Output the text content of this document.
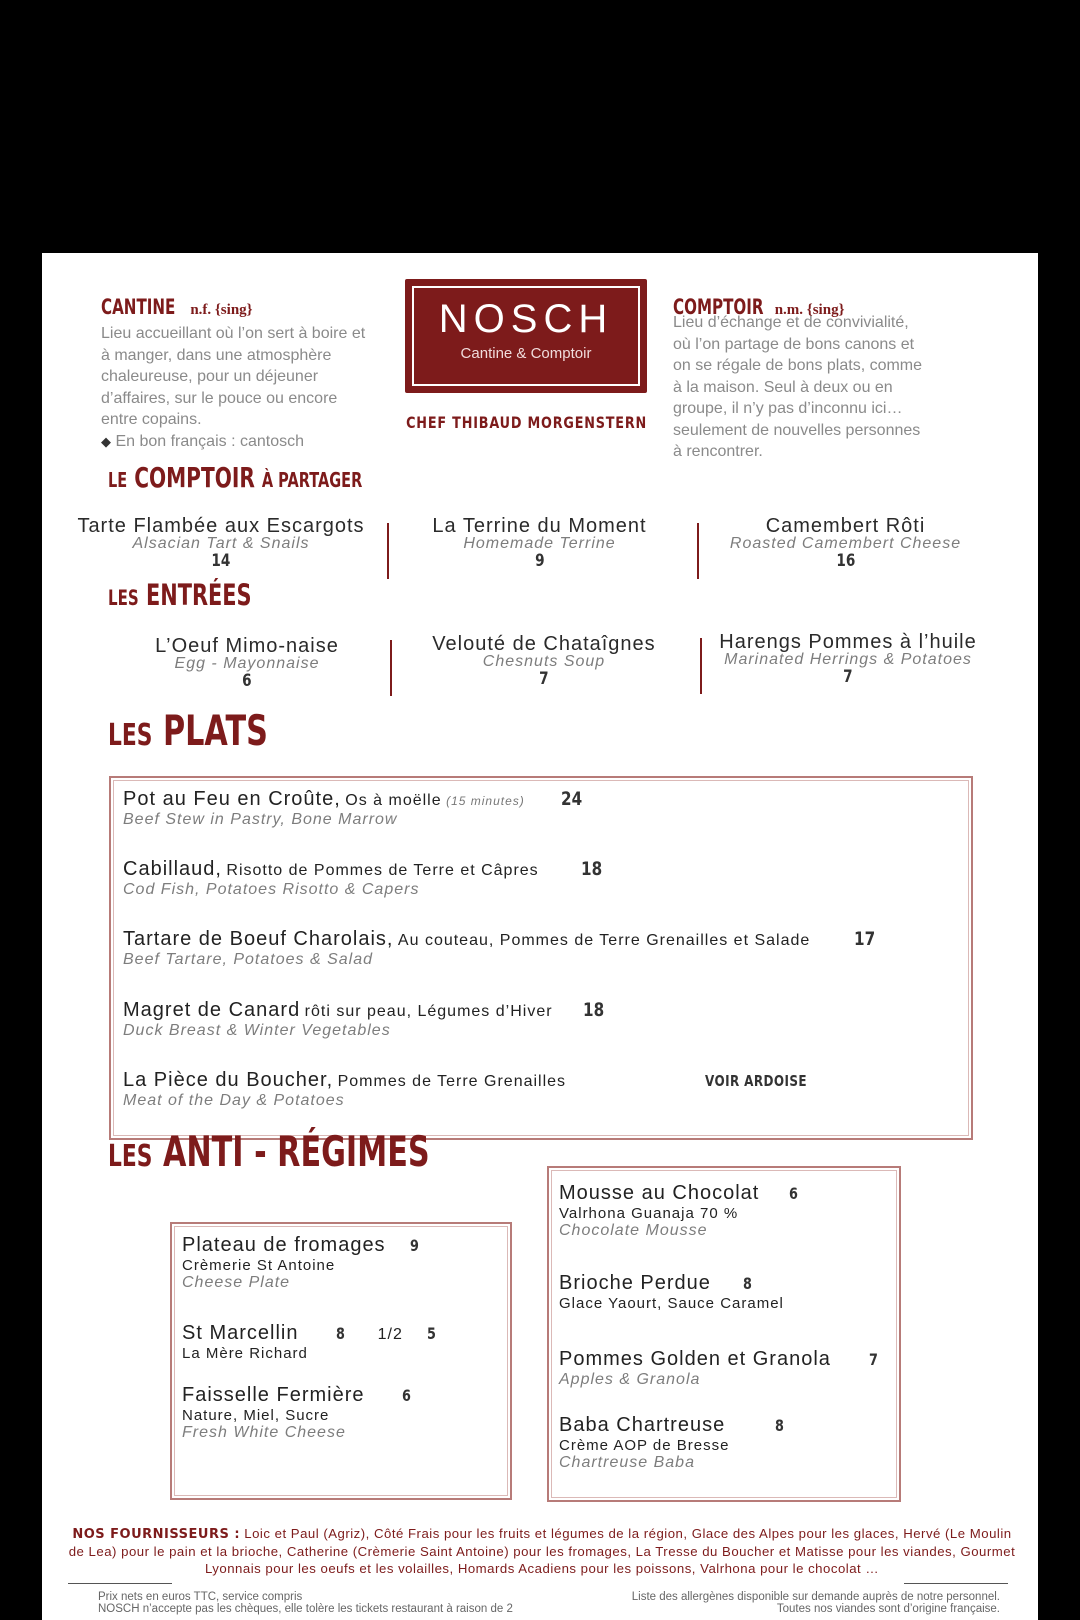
CANTINE n.f. {sing}
Lieu accueillant où l’on sert à boire et
à manger, dans une atmosphère
chaleureuse, pour un déjeuner
d’affaires, sur le pouce ou encore
entre copains.
◆ En bon français : cantosch
NOSCH
Cantine & Comptoir
CHEF THIBAUD MORGENSTERN
COMPTOIR n.m. {sing}
Lieu d’échange et de convivialité,
où l’on partage de bons canons et
on se régale de bons plats, comme
à la maison. Seul à deux ou en
groupe, il n’y pas d’inconnu ici…
seulement de nouvelles personnes
à rencontrer.
LE COMPTOIR À PARTAGER
Tarte Flambée aux Escargots
Alsacian Tart & Snails
14
La Terrine du Moment
Homemade Terrine
9
Camembert Rôti
Roasted Camembert Cheese
16
LES ENTRÉES
L’Oeuf Mimo-naise
Egg - Mayonnaise
6
Velouté de Chataîgnes
Chesnuts Soup
7
Harengs Pommes à l’huile
Marinated Herrings & Potatoes
7
LES PLATS
Pot au Feu en Croûte, Os à moëlle (15 minutes) 24
Beef Stew in Pastry, Bone Marrow
Cabillaud, Risotto de Pommes de Terre et Câpres 18
Cod Fish, Potatoes Risotto & Capers
Tartare de Boeuf Charolais, Au couteau, Pommes de Terre Grenailles et Salade 17
Beef Tartare, Potatoes & Salad
Magret de Canard rôti sur peau, Légumes d’Hiver 18
Duck Breast & Winter Vegetables
La Pièce du Boucher, Pommes de Terre Grenailles
Meat of the Day & Potatoes
VOIR ARDOISE
LES ANTI - RÉGIMES
Plateau de fromages 9
Crèmerie St Antoine
Cheese Plate
St Marcellin 8 1/2 5
La Mère Richard
Faisselle Fermière 6
Nature, Miel, Sucre
Fresh White Cheese
Mousse au Chocolat 6
Valrhona Guanaja 70 %
Chocolate Mousse
Brioche Perdue 8
Glace Yaourt, Sauce Caramel
Pommes Golden et Granola 7
Apples & Granola
Baba Chartreuse	8
Crème AOP de Bresse
Chartreuse Baba
NOS FOURNISSEURS : Loic et Paul (Agriz), Côté Frais pour les fruits et légumes de la région, Glace des Alpes pour les glaces, Hervé (Le Moulin de Lea) pour le pain et la brioche, Catherine (Crèmerie Saint Antoine) pour les fromages, La Tresse du Boucher et Matisse pour les viandes, Gourmet Lyonnais pour les oeufs et les volailles, Homards Acadiens pour les poissons, Valrhona pour le chocolat …
Prix nets en euros TTC, service compris
NOSCH n’accepte pas les chèques, elle tolère les tickets restaurant à raison de 2
Liste des allergènes disponible sur demande auprès de notre personnel.
Toutes nos viandes sont d’origine française.
